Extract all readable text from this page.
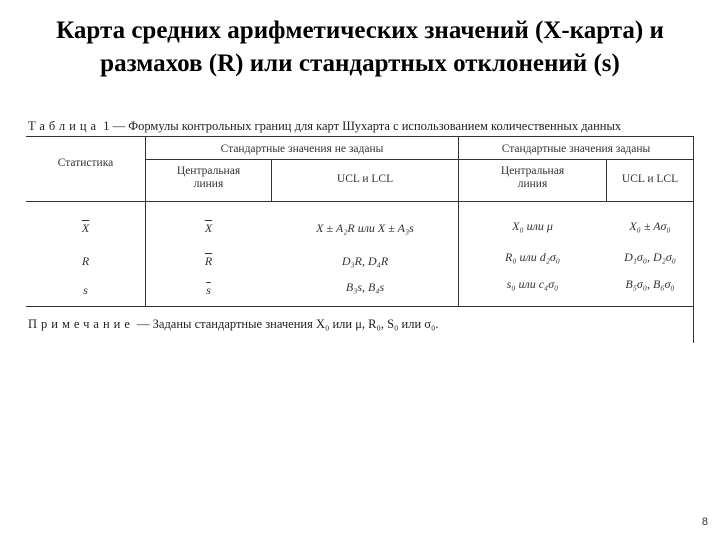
Карта средних арифметических значений (X-карта) и
размахов (R) или стандартных отклонений (s)
Таблица 1 — Формулы контрольных границ для карт Шухарта с использованием количественных данных
Статистика
Стандартные значения не заданы	Стандартные значения заданы
Центральная линия	UCL и LCL
Центральная линия	UCL и LCL
$\overline{X}$	$\overline{X}$	X ± A₂R или X ± A₃s	X₀ или μ	X₀ ± Aσ₀
R	$\overline{R}$	D₃R, D₄R	R₀ или d₂σ₀	D₁σ₀, D₂σ₀
s	$\overline{s}$	B₃s, B₄s	s₀ или c₄σ₀	B₅σ₀, B₆σ₀
Примечание — Заданы стандартные значения X₀ или μ, R₀, S₀ или σ₀.
8
